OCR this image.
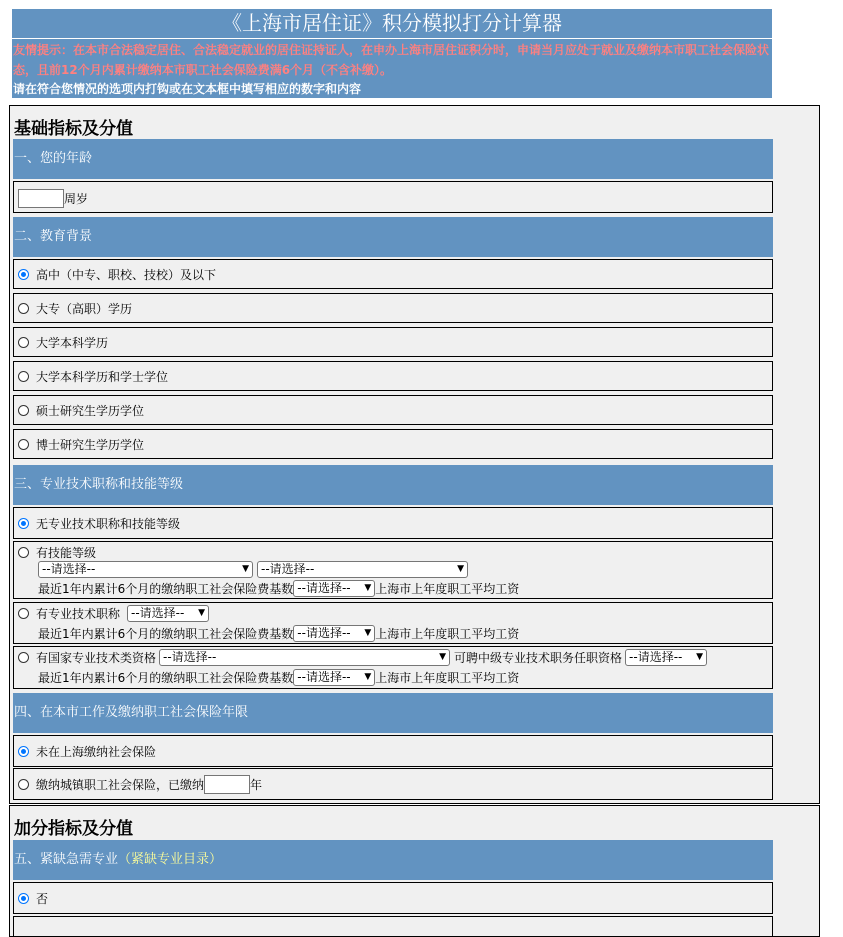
《上海市居住证》积分模拟打分计算器
友情提示：在本市合法稳定居住、合法稳定就业的居住证持证人，在申办上海市居住证积分时，申请当月应处于就业及缴纳本市职工社会保险状态，且前12个月内累计缴纳本市职工社会保险费满6个月（不含补缴）。
请在符合您情况的选项内打钩或在文本框中填写相应的数字和内容
基础指标及分值
一、您的年龄
周岁
二、教育背景
高中（中专、职校、技校）及以下
大专（高职）学历
大学本科学历
大学本科学历和学士学位
硕士研究生学历学位
博士研究生学历学位
三、专业技术职称和技能等级
无专业技术职称和技能等级
有技能等级
--请选择--	▼	--请选择--	▼
最近1年内累计6个月的缴纳职工社会保险费基数 --请选择-- ▼ 上海市上年度职工平均工资
有专业技术职称 --请选择-- ▼
最近1年内累计6个月的缴纳职工社会保险费基数 --请选择-- ▼ 上海市上年度职工平均工资
有国家专业技术类资格 --请选择--	▼ 可聘中级专业技术职务任职资格 --请选择-- ▼
最近1年内累计6个月的缴纳职工社会保险费基数 --请选择-- ▼ 上海市上年度职工平均工资
四、在本市工作及缴纳职工社会保险年限
未在上海缴纳社会保险
缴纳城镇职工社会保险，已缴纳	年
加分指标及分值
五、紧缺急需专业（紧缺专业目录）
否
